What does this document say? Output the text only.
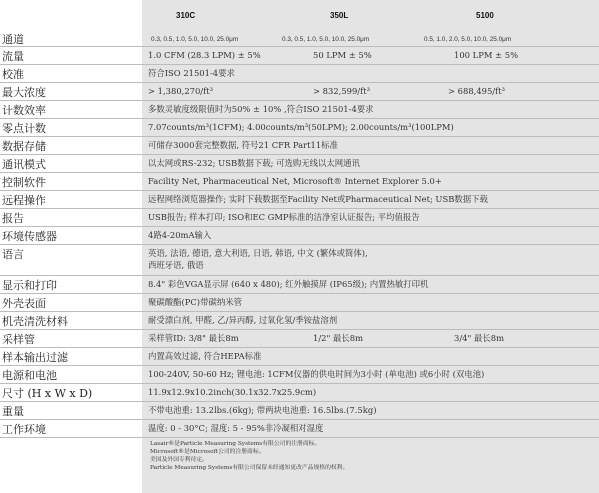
310C	350L	5100
通道	0.3, 0.5, 1.0, 5.0, 10.0, 25.0μm	0.3, 0.5, 1.0, 5.0, 10.0, 25.0μm	0.5, 1.0, 2.0, 5.0, 10.0, 25.0μm
流量	1.0 CFM (28.3 LPM) ± 5%	50 LPM ± 5%	100 LPM ± 5%
校准	符合ISO 21501-4要求
最大浓度	> 1,380,270/ft³	> 832,599/ft³	> 688,495/ft³
计数效率	多数灵敏度级限值时为50% ± 10% ,符合ISO 21501-4要求
零点计数	7.07counts/m³(1CFM); 4.00counts/m³(50LPM); 2.00counts/m³(100LPM)
数据存储	可储存3000套完整数据, 符号21 CFR Part11标准
通讯模式	以太网或RS-232; USB数据下载; 可选购无线以太网通讯
控制软件	Facility Net, Pharmaceutical Net, Microsoft® Internet Explorer 5.0+
远程操作	远程网络浏览器操作; 实时下载数据至Facility Net或Pharmaceutical Net; USB数据下载
报告	USB报告; 样本打印; ISO和EC GMP标准的洁净室认证报告; 平均值报告
环境传感器	4路4-20mA输入
语言	英语, 法语, 德语, 意大利语, 日语, 韩语, 中文 (繁体或简体),
西班牙语, 俄语
显示和打印	8.4" 彩色VGA显示屏 (640 x 480); 红外触摸屏 (IP65级); 内置热敏打印机
外壳表面	聚碳酸酯(PC)带碳纳米管
机壳清洗材料	耐受漂白剂, 甲醛, 乙/异丙醇, 过氧化氢/季铵盐溶剂
采样管	采样管ID: 3/8" 最长8m	1/2" 最长8m	3/4" 最长8m
样本输出过滤	内置高效过滤, 符合HEPA标准
电源和电池	100-240V, 50-60 Hz; 锂电池: 1CFM仪器的供电时间为3小时 (单电池) 或6小时 (双电池)
尺寸 (H x W x D)	11.9x12.9x10.2inch(30.1x32.7x25.9cm)
重量	不带电池重: 13.2lbs.(6kg); 带两块电池重: 16.5lbs.(7.5kg)
工作环境	温度: 0 - 30°C; 湿度: 5 - 95%非冷凝相对湿度
Lasair®是Particle Measuring Systems有限公司的注册商标。
Microsoft®是Microsoft公司的注册商标。
美国及外国专利待定。
Particle Measuring Systems有限公司保留未经通知更改产品规格的权利。
